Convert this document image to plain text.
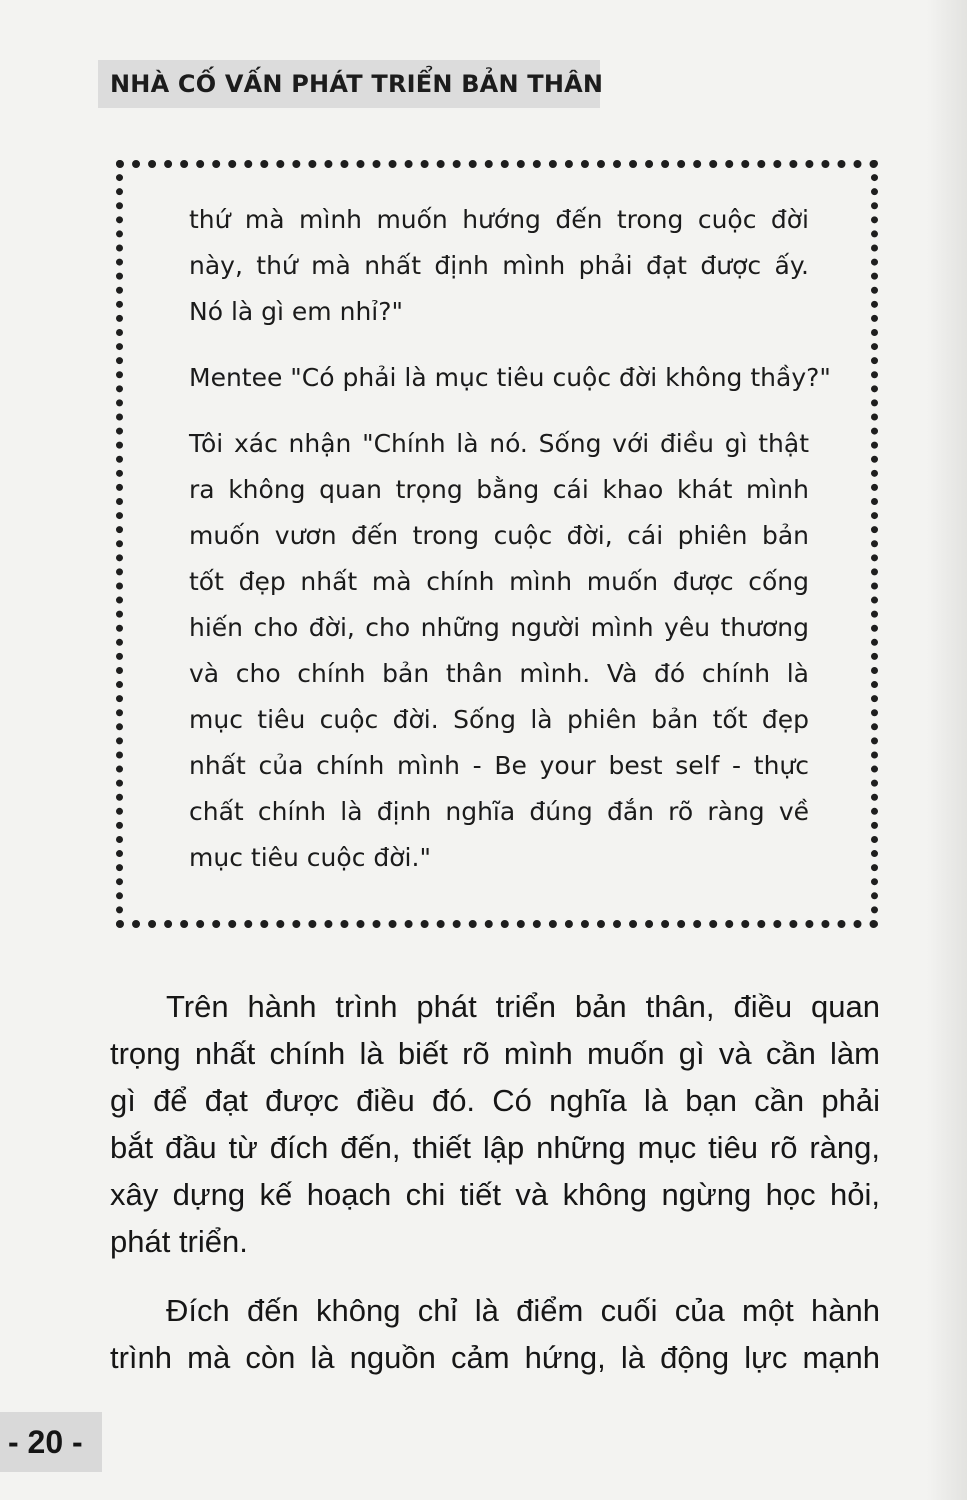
NHÀ CỐ VẤN PHÁT TRIỂN BẢN THÂN

thứ mà mình muốn hướng đến trong cuộc đời
này, thứ mà nhất định mình phải đạt được ấy.
Nó là gì em nhỉ?"

Mentee "Có phải là mục tiêu cuộc đời không thầy?"

Tôi xác nhận "Chính là nó. Sống với điều gì thật
ra không quan trọng bằng cái khao khát mình
muốn vươn đến trong cuộc đời, cái phiên bản
tốt đẹp nhất mà chính mình muốn được cống
hiến cho đời, cho những người mình yêu thương
và cho chính bản thân mình. Và đó chính là
mục tiêu cuộc đời. Sống là phiên bản tốt đẹp
nhất của chính mình - Be your best self - thực
chất chính là định nghĩa đúng đắn rõ ràng về
mục tiêu cuộc đời."

Trên hành trình phát triển bản thân, điều quan
trọng nhất chính là biết rõ mình muốn gì và cần làm
gì để đạt được điều đó. Có nghĩa là bạn cần phải
bắt đầu từ đích đến, thiết lập những mục tiêu rõ ràng,
xây dựng kế hoạch chi tiết và không ngừng học hỏi,
phát triển.

Đích đến không chỉ là điểm cuối của một hành
trình mà còn là nguồn cảm hứng, là động lực mạnh

- 20 -
